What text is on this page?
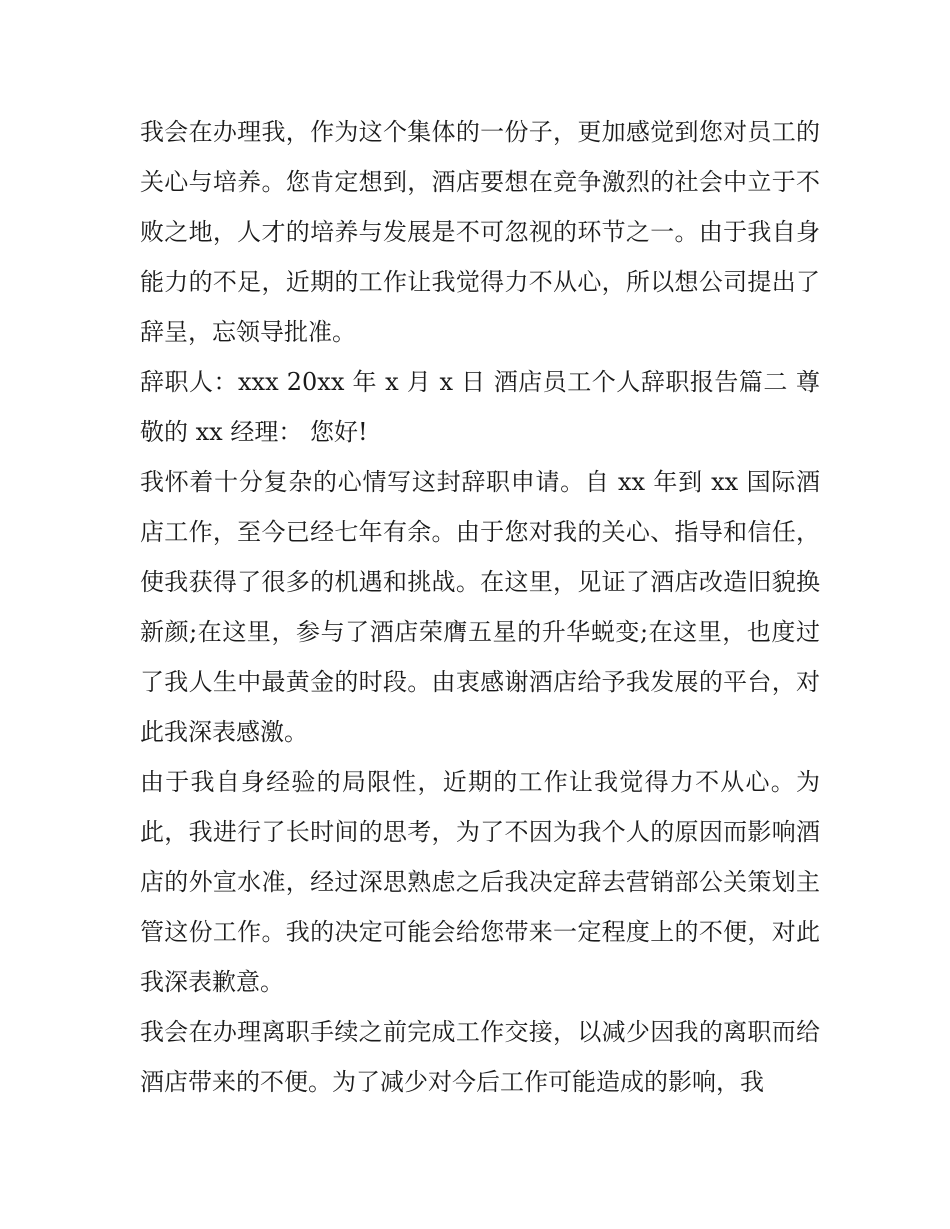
我会在办理我，作为这个集体的一份子，更加感觉到您对员工的关心与培养。您肯定想到，酒店要想在竞争激烈的社会中立于不败之地，人才的培养与发展是不可忽视的环节之一。由于我自身能力的不足，近期的工作让我觉得力不从心，所以想公司提出了辞呈，忘领导批准。

辞职人：xxx 20xx 年 x 月 x 日 酒店员工个人辞职报告篇二 尊敬的 xx 经理： 您好!

我怀着十分复杂的心情写这封辞职申请。自 xx 年到 xx 国际酒店工作，至今已经七年有余。由于您对我的关心、指导和信任，使我获得了很多的机遇和挑战。在这里，见证了酒店改造旧貌换新颜;在这里，参与了酒店荣膺五星的升华蜕变;在这里，也度过了我人生中最黄金的时段。由衷感谢酒店给予我发展的平台，对此我深表感激。

由于我自身经验的局限性，近期的工作让我觉得力不从心。为此，我进行了长时间的思考，为了不因为我个人的原因而影响酒店的外宣水准，经过深思熟虑之后我决定辞去营销部公关策划主管这份工作。我的决定可能会给您带来一定程度上的不便，对此我深表歉意。

我会在办理离职手续之前完成工作交接，以减少因我的离职而给酒店带来的不便。为了减少对今后工作可能造成的影响，我
